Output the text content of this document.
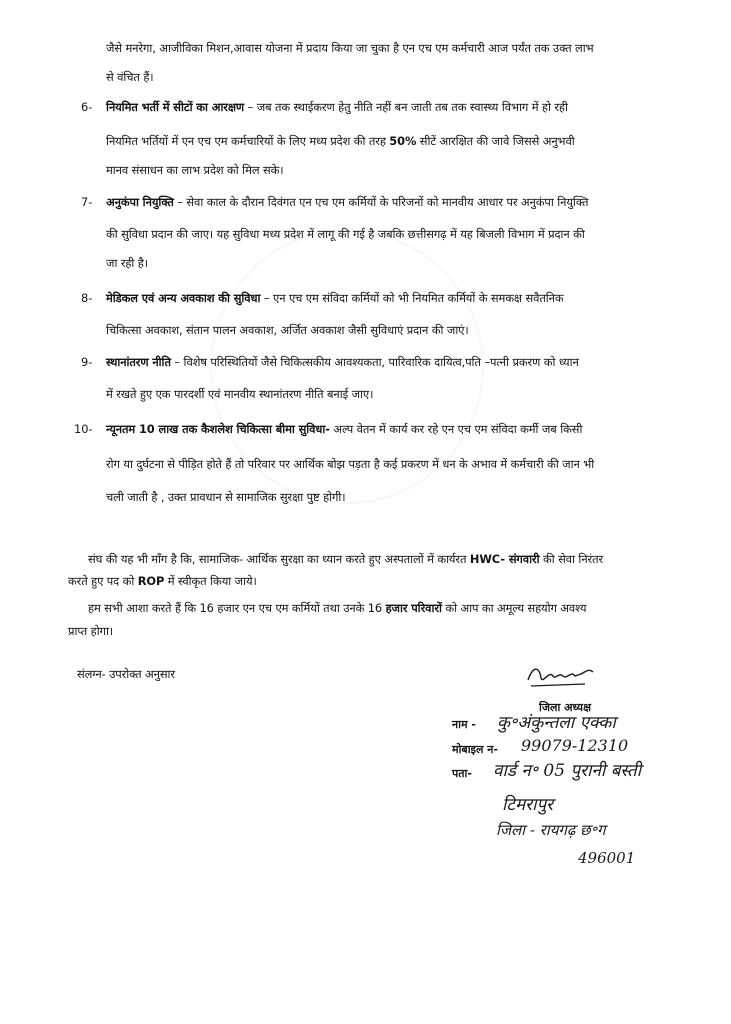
जैसे मनरेगा, आजीविका मिशन,आवास योजना में प्रदाय किया जा चुका है एन एच एम कर्मचारी आज पर्यंत तक उक्त लाभ
से वंचित हैं।
6- नियमित भर्ती में सीटों का आरक्षण – जब तक स्थाईकरण हेतु नीति नहीं बन जाती तब तक स्वास्थ्य विभाग में हो रही
नियमित भर्तियों में एन एच एम कर्मचारियों के लिए मध्य प्रदेश की तरह 50% सीटें आरक्षित की जावे जिससे अनुभवी
मानव संसाधन का लाभ प्रदेश को मिल सके।
7- अनुकंपा नियुक्ति – सेवा काल के दौरान दिवंगत एन एच एम कर्मियों के परिजनों को मानवीय आधार पर अनुकंपा नियुक्ति
की सुविधा प्रदान की जाए। यह सुविधा मध्य प्रदेश में लागू की गई है जबकि छत्तीसगढ़ में यह बिजली विभाग में प्रदान की
जा रही है।
8- मेडिकल एवं अन्य अवकाश की सुविधा – एन एच एम संविदा कर्मियों को भी नियमित कर्मियों के समकक्ष सवैतनिक
चिकित्सा अवकाश, संतान पालन अवकाश, अर्जित अवकाश जैसी सुविधाएं प्रदान की जाएं।
9- स्थानांतरण नीति – विशेष परिस्थितियों जैसे चिकित्सकीय आवश्यकता, पारिवारिक दायित्व,पति –पत्नी प्रकरण को ध्यान
में रखते हुए एक पारदर्शी एवं मानवीय स्थानांतरण नीति बनाई जाए।
10- न्यूनतम 10 लाख तक कैशलेश चिकित्सा बीमा सुविधा- अल्प वेतन में कार्य कर रहे एन एच एम संविदा कर्मी जब किसी
रोग या दुर्घटना से पीड़ित होते हैं तो परिवार पर आर्थिक बोझ पड़ता है कई प्रकरण में धन के अभाव में कर्मचारी की जान भी
चली जाती है , उक्त प्रावधान से सामाजिक सुरक्षा पुष्ट होगी।
संघ की यह भी माँग है कि, सामाजिक- आर्थिक सुरक्षा का ध्यान करते हुए अस्पतालों में कार्यरत HWC- संगवारी की सेवा निरंतर
करते हुए पद को ROP में स्वीकृत किया जाये।
हम सभी आशा करते हैं कि 16 हजार एन एच एम कर्मियों तथा उनके 16 हजार परिवारों को आप का अमूल्य सहयोग अवश्य
प्राप्त होगा।
संलग्न- उपरोक्त अनुसार
जिला अध्यक्ष
नाम - कु॰अंकुन्तला एक्का
मोबाइल न- 99079-12310
पता- वार्ड न॰ 05 पुरानी बस्ती
टिमरापुर
जिला - रायगढ़ छ॰ग
496001
